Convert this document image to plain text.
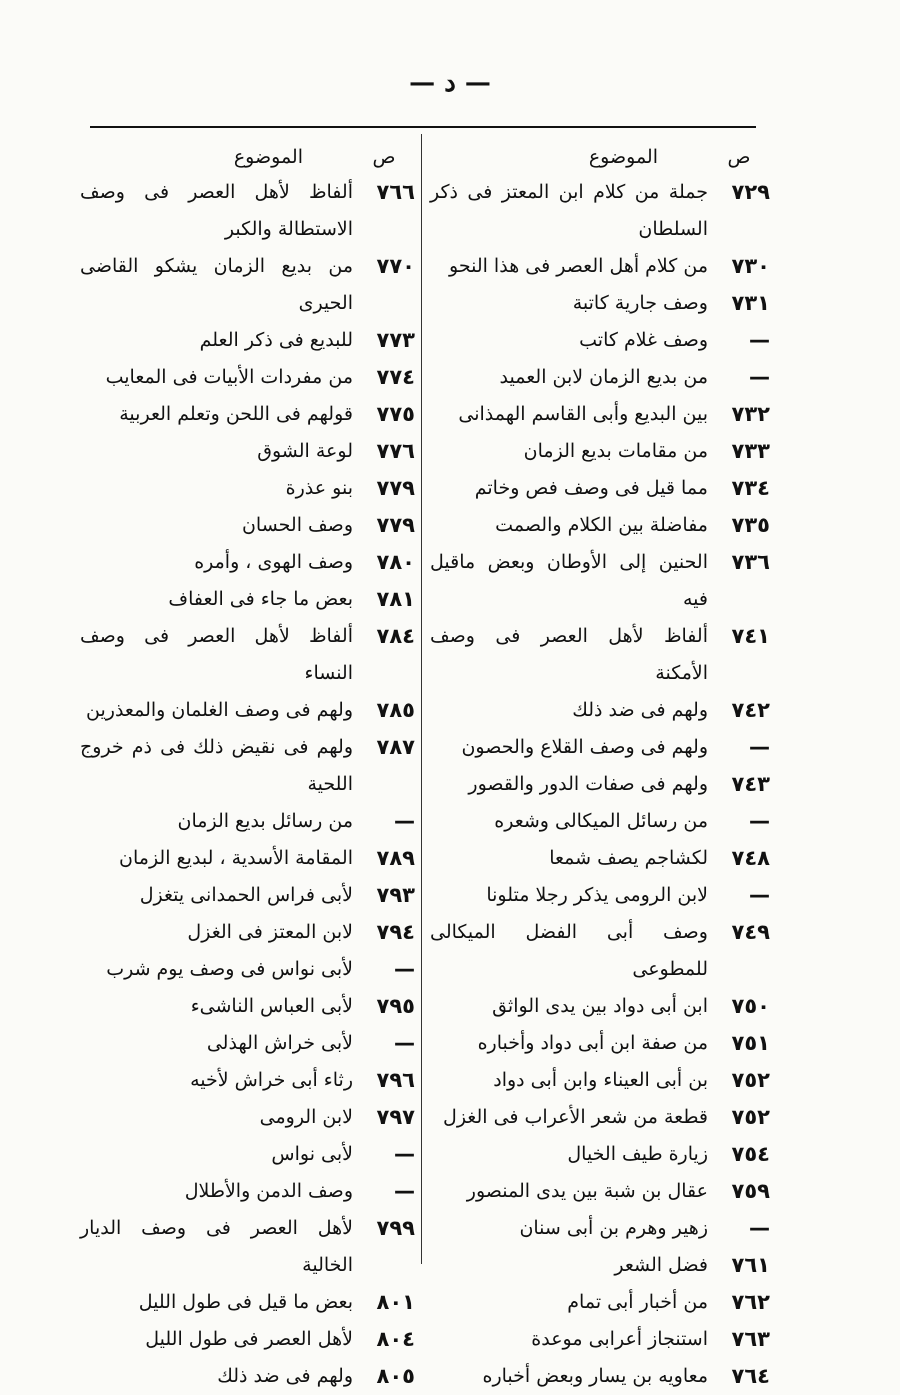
— د —
ص
الموضوع
٧٢٩
جملة من كلام ابن المعتز فى ذكر السلطان
٧٣٠
من كلام أهل العصر فى هذا النحو
٧٣١
وصف جارية كاتبة
—
وصف غلام كاتب
—
من بديع الزمان لابن العميد
٧٣٢
بين البديع وأبى القاسم الهمذانى
٧٣٣
من مقامات بديع الزمان
٧٣٤
مما قيل فى وصف فص وخاتم
٧٣٥
مفاضلة بين الكلام والصمت
٧٣٦
الحنين إلى الأوطان وبعض ماقيل فيه
٧٤١
ألفاظ لأهل العصر فى وصف الأمكنة
٧٤٢
ولهم فى ضد ذلك
—
ولهم فى وصف القلاع والحصون
٧٤٣
ولهم فى صفات الدور والقصور
—
من رسائل الميكالى وشعره
٧٤٨
لكشاجم يصف شمعا
—
لابن الرومى يذكر رجلا متلونا
٧٤٩
وصف أبى الفضل الميكالى للمطوعى
٧٥٠
ابن أبى دواد بين يدى الواثق
٧٥١
من صفة ابن أبى دواد وأخباره
٧٥٢
بن أبى العيناء وابن أبى دواد
٧٥٢
قطعة من شعر الأعراب فى الغزل
٧٥٤
زيارة طيف الخيال
٧٥٩
عقال بن شبة بين يدى المنصور
—
زهير وهرم بن أبى سنان
٧٦١
فضل الشعر
٧٦٢
من أخبار أبى تمام
٧٦٣
استنجاز أعرابى موعدة
٧٦٤
معاويه بن يسار وبعض أخباره
ص
الموضوع
٧٦٦
ألفاظ لأهل العصر فى وصف الاستطالة والكبر
٧٧٠
من بديع الزمان يشكو القاضى الحيرى
٧٧٣
للبديع فى ذكر العلم
٧٧٤
من مفردات الأبيات فى المعايب
٧٧٥
قولهم فى اللحن وتعلم العربية
٧٧٦
لوعة الشوق
٧٧٩
بنو عذرة
٧٧٩
وصف الحسان
٧٨٠
وصف الهوى ، وأمره
٧٨١
بعض ما جاء فى العفاف
٧٨٤
ألفاظ لأهل العصر فى وصف النساء
٧٨٥
ولهم فى وصف الغلمان والمعذرين
٧٨٧
ولهم فى نقيض ذلك فى ذم خروج اللحية
—
من رسائل بديع الزمان
٧٨٩
المقامة الأسدية ، لبديع الزمان
٧٩٣
لأبى فراس الحمدانى يتغزل
٧٩٤
لابن المعتز فى الغزل
—
لأبى نواس فى وصف يوم شرب
٧٩٥
لأبى العباس الناشىء
—
لأبى خراش الهذلى
٧٩٦
رثاء أبى خراش لأخيه
٧٩٧
لابن الرومى
—
لأبى نواس
—
وصف الدمن والأطلال
٧٩٩
لأهل العصر فى وصف الديار الخالية
٨٠١
بعض ما قيل فى طول الليل
٨٠٤
لأهل العصر فى طول الليل
٨٠٥
ولهم فى ضد ذلك
